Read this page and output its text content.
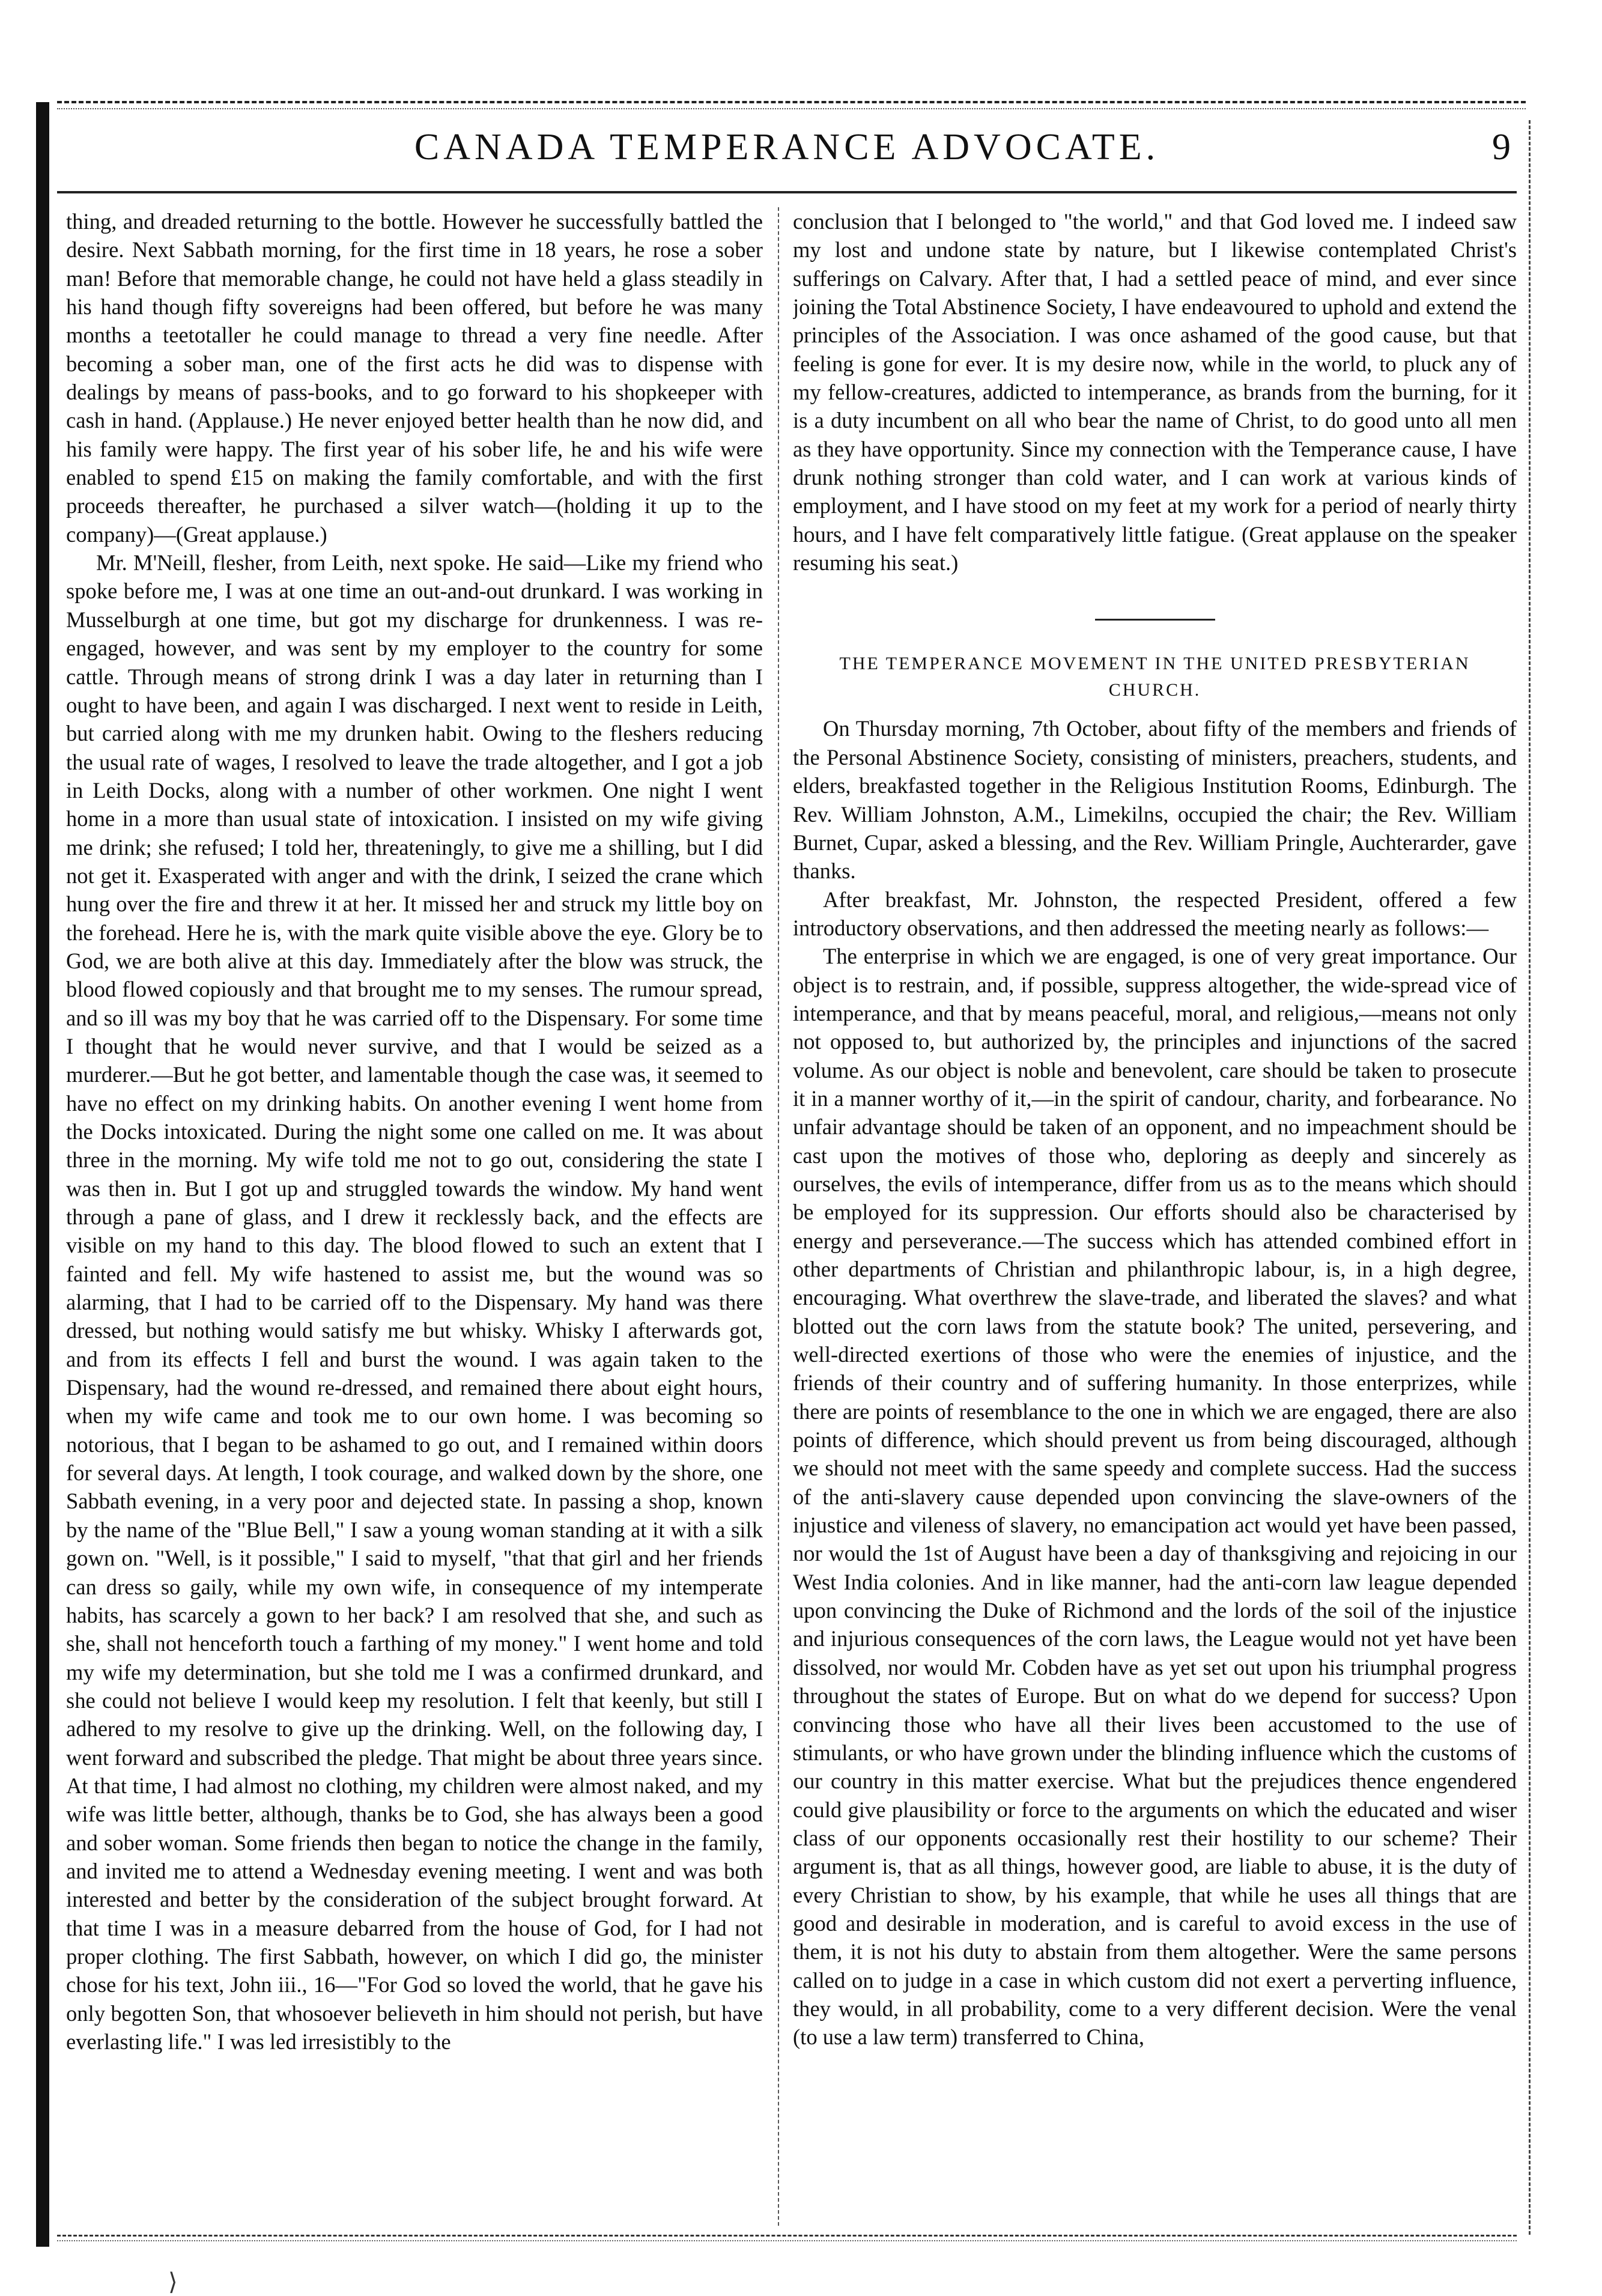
CANADA TEMPERANCE ADVOCATE.	9

thing, and dreaded returning to the bottle. However he successfully battled the desire. Next Sabbath morning, for the first time in 18 years, he rose a sober man! Before that memorable change, he could not have held a glass steadily in his hand though fifty sovereigns had been offered, but before he was many months a teetotaller he could manage to thread a very fine needle. After becoming a sober man, one of the first acts he did was to dispense with dealings by means of pass-books, and to go forward to his shopkeeper with cash in hand. (Applause.) He never enjoyed better health than he now did, and his family were happy. The first year of his sober life, he and his wife were enabled to spend £15 on making the family comfortable, and with the first proceeds thereafter, he purchased a silver watch—(holding it up to the company)—(Great applause.)

Mr. M'Neill, flesher, from Leith, next spoke. He said—Like my friend who spoke before me, I was at one time an out-and-out drunkard. I was working in Musselburgh at one time, but got my discharge for drunkenness. I was re-engaged, however, and was sent by my employer to the country for some cattle. Through means of strong drink I was a day later in returning than I ought to have been, and again I was discharged. I next went to reside in Leith, but carried along with me my drunken habit. Owing to the fleshers reducing the usual rate of wages, I resolved to leave the trade altogether, and I got a job in Leith Docks, along with a number of other workmen. One night I went home in a more than usual state of intoxication. I insisted on my wife giving me drink; she refused; I told her, threateningly, to give me a shilling, but I did not get it. Exasperated with anger and with the drink, I seized the crane which hung over the fire and threw it at her. It missed her and struck my little boy on the forehead. Here he is, with the mark quite visible above the eye. Glory be to God, we are both alive at this day. Immediately after the blow was struck, the blood flowed copiously and that brought me to my senses. The rumour spread, and so ill was my boy that he was carried off to the Dispensary. For some time I thought that he would never survive, and that I would be seized as a murderer.—But he got better, and lamentable though the case was, it seemed to have no effect on my drinking habits. On another evening I went home from the Docks intoxicated. During the night some one called on me. It was about three in the morning. My wife told me not to go out, considering the state I was then in. But I got up and struggled towards the window. My hand went through a pane of glass, and I drew it recklessly back, and the effects are visible on my hand to this day. The blood flowed to such an extent that I fainted and fell. My wife hastened to assist me, but the wound was so alarming, that I had to be carried off to the Dispensary. My hand was there dressed, but nothing would satisfy me but whisky. Whisky I afterwards got, and from its effects I fell and burst the wound. I was again taken to the Dispensary, had the wound re-dressed, and remained there about eight hours, when my wife came and took me to our own home. I was becoming so notorious, that I began to be ashamed to go out, and I remained within doors for several days. At length, I took courage, and walked down by the shore, one Sabbath evening, in a very poor and dejected state. In passing a shop, known by the name of the "Blue Bell," I saw a young woman standing at it with a silk gown on. "Well, is it possible," I said to myself, "that that girl and her friends can dress so gaily, while my own wife, in consequence of my intemperate habits, has scarcely a gown to her back? I am resolved that she, and such as she, shall not henceforth touch a farthing of my money." I went home and told my wife my determination, but she told me I was a confirmed drunkard, and she could not believe I would keep my resolution. I felt that keenly, but still I adhered to my resolve to give up the drinking. Well, on the following day, I went forward and subscribed the pledge. That might be about three years since. At that time, I had almost no clothing, my children were almost naked, and my wife was little better, although, thanks be to God, she has always been a good and sober woman. Some friends then began to notice the change in the family, and invited me to attend a Wednesday evening meeting. I went and was both interested and better by the consideration of the subject brought forward. At that time I was in a measure debarred from the house of God, for I had not proper clothing. The first Sabbath, however, on which I did go, the minister chose for his text, John iii., 16—"For God so loved the world, that he gave his only begotten Son, that whosoever believeth in him should not perish, but have everlasting life." I was led irresistibly to the

conclusion that I belonged to "the world," and that God loved me. I indeed saw my lost and undone state by nature, but I likewise contemplated Christ's sufferings on Calvary. After that, I had a settled peace of mind, and ever since joining the Total Abstinence Society, I have endeavoured to uphold and extend the principles of the Association. I was once ashamed of the good cause, but that feeling is gone for ever. It is my desire now, while in the world, to pluck any of my fellow-creatures, addicted to intemperance, as brands from the burning, for it is a duty incumbent on all who bear the name of Christ, to do good unto all men as they have opportunity. Since my connection with the Temperance cause, I have drunk nothing stronger than cold water, and I can work at various kinds of employment, and I have stood on my feet at my work for a period of nearly thirty hours, and I have felt comparatively little fatigue. (Great applause on the speaker resuming his seat.)

THE TEMPERANCE MOVEMENT IN THE UNITED PRESBYTERIAN
CHURCH.

On Thursday morning, 7th October, about fifty of the members and friends of the Personal Abstinence Society, consisting of ministers, preachers, students, and elders, breakfasted together in the Religious Institution Rooms, Edinburgh. The Rev. William Johnston, A.M., Limekilns, occupied the chair; the Rev. William Burnet, Cupar, asked a blessing, and the Rev. William Pringle, Auchterarder, gave thanks.

After breakfast, Mr. Johnston, the respected President, offered a few introductory observations, and then addressed the meeting nearly as follows:—

The enterprise in which we are engaged, is one of very great importance. Our object is to restrain, and, if possible, suppress altogether, the wide-spread vice of intemperance, and that by means peaceful, moral, and religious,—means not only not opposed to, but authorized by, the principles and injunctions of the sacred volume. As our object is noble and benevolent, care should be taken to prosecute it in a manner worthy of it,—in the spirit of candour, charity, and forbearance. No unfair advantage should be taken of an opponent, and no impeachment should be cast upon the motives of those who, deploring as deeply and sincerely as ourselves, the evils of intemperance, differ from us as to the means which should be employed for its suppression. Our efforts should also be characterised by energy and perseverance.—The success which has attended combined effort in other departments of Christian and philanthropic labour, is, in a high degree, encouraging. What overthrew the slave-trade, and liberated the slaves? and what blotted out the corn laws from the statute book? The united, persevering, and well-directed exertions of those who were the enemies of injustice, and the friends of their country and of suffering humanity. In those enterprizes, while there are points of resemblance to the one in which we are engaged, there are also points of difference, which should prevent us from being discouraged, although we should not meet with the same speedy and complete success. Had the success of the anti-slavery cause depended upon convincing the slave-owners of the injustice and vileness of slavery, no emancipation act would yet have been passed, nor would the 1st of August have been a day of thanksgiving and rejoicing in our West India colonies. And in like manner, had the anti-corn law league depended upon convincing the Duke of Richmond and the lords of the soil of the injustice and injurious consequences of the corn laws, the League would not yet have been dissolved, nor would Mr. Cobden have as yet set out upon his triumphal progress throughout the states of Europe. But on what do we depend for success? Upon convincing those who have all their lives been accustomed to the use of stimulants, or who have grown under the blinding influence which the customs of our country in this matter exercise. What but the prejudices thence engendered could give plausibility or force to the arguments on which the educated and wiser class of our opponents occasionally rest their hostility to our scheme? Their argument is, that as all things, however good, are liable to abuse, it is the duty of every Christian to show, by his example, that while he uses all things that are good and desirable in moderation, and is careful to avoid excess in the use of them, it is not his duty to abstain from them altogether. Were the same persons called on to judge in a case in which custom did not exert a perverting influence, they would, in all probability, come to a very different decision. Were the venal (to use a law term) transferred to China,

⟩
